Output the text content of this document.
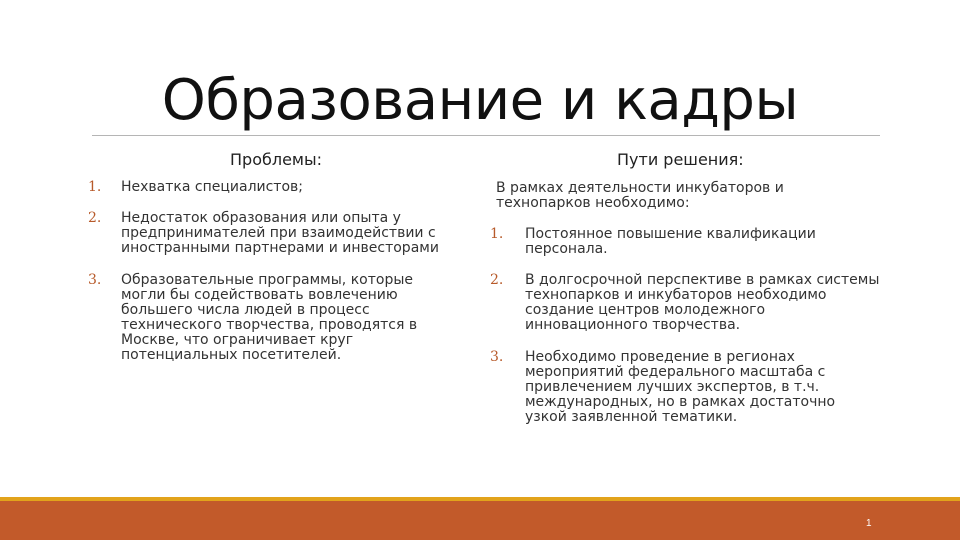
Образование и кадры
Проблемы:	Пути решения:
1. Нехватка специалистов;
2. Недостаток образования или опыта у предпринимателей при взаимодействии с иностранными партнерами и инвесторами
3. Образовательные программы, которые могли бы содействовать вовлечению большего числа людей в процесс технического творчества, проводятся в Москве, что ограничивает круг потенциальных посетителей.
В рамках деятельности инкубаторов и технопарков необходимо:
1. Постоянное повышение квалификации персонала.
2. В долгосрочной перспективе в рамках системы технопарков и инкубаторов необходимо создание центров молодежного инновационного творчества.
3. Необходимо проведение в регионах мероприятий федерального масштаба с привлечением лучших экспертов, в т.ч. международных, но в рамках достаточно узкой заявленной тематики.
1
